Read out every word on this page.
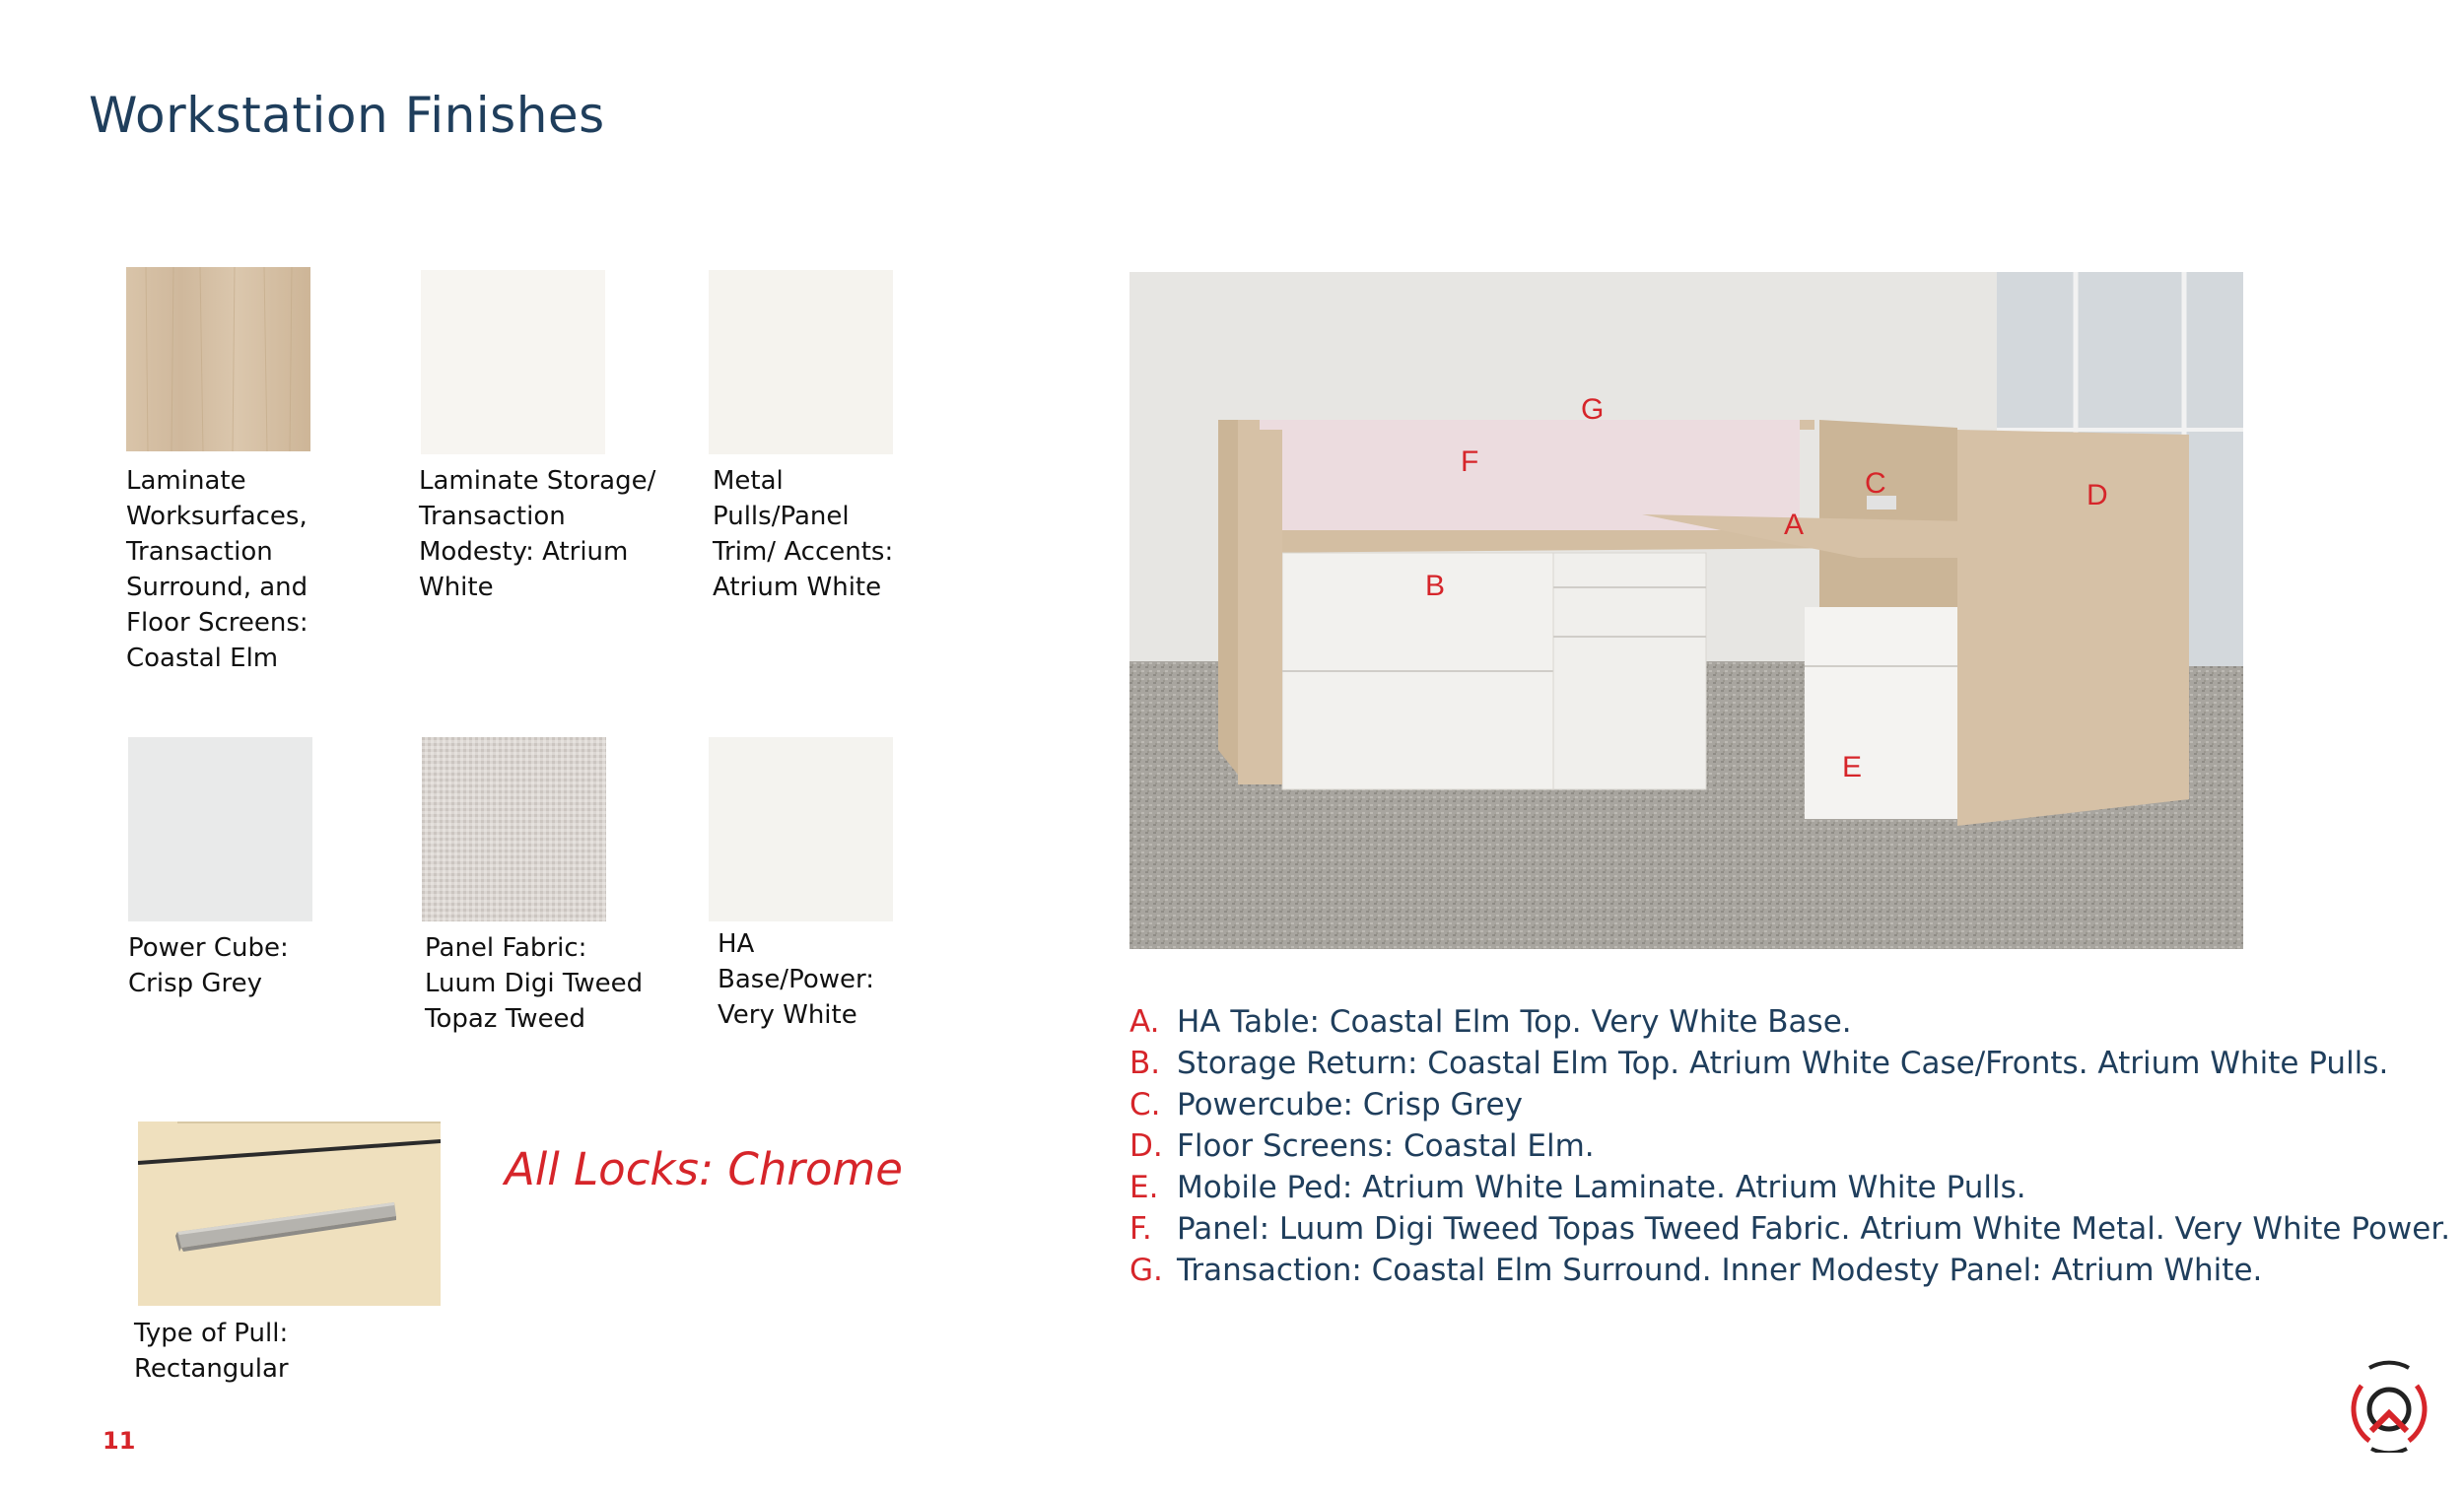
Workstation Finishes
Laminate
Worksurfaces,
Transaction
Surround, and
Floor Screens:
Coastal Elm
Laminate Storage/
Transaction
Modesty: Atrium
White
Metal
Pulls/Panel
Trim/ Accents:
Atrium White
Power Cube:
Crisp Grey
Panel Fabric:
Luum Digi Tweed
Topaz Tweed
HA
Base/Power:
Very White
Type of Pull:
Rectangular
All Locks: Chrome
G
F
C	D
A
B
E
A. HA Table: Coastal Elm Top. Very White Base.
B. Storage Return: Coastal Elm Top. Atrium White Case/Fronts. Atrium White Pulls.
C. Powercube: Crisp Grey
D. Floor Screens: Coastal Elm.
E. Mobile Ped: Atrium White Laminate. Atrium White Pulls.
F. Panel: Luum Digi Tweed Topas Tweed Fabric. Atrium White Metal. Very White Power.
G. Transaction: Coastal Elm Surround. Inner Modesty Panel: Atrium White.
11
